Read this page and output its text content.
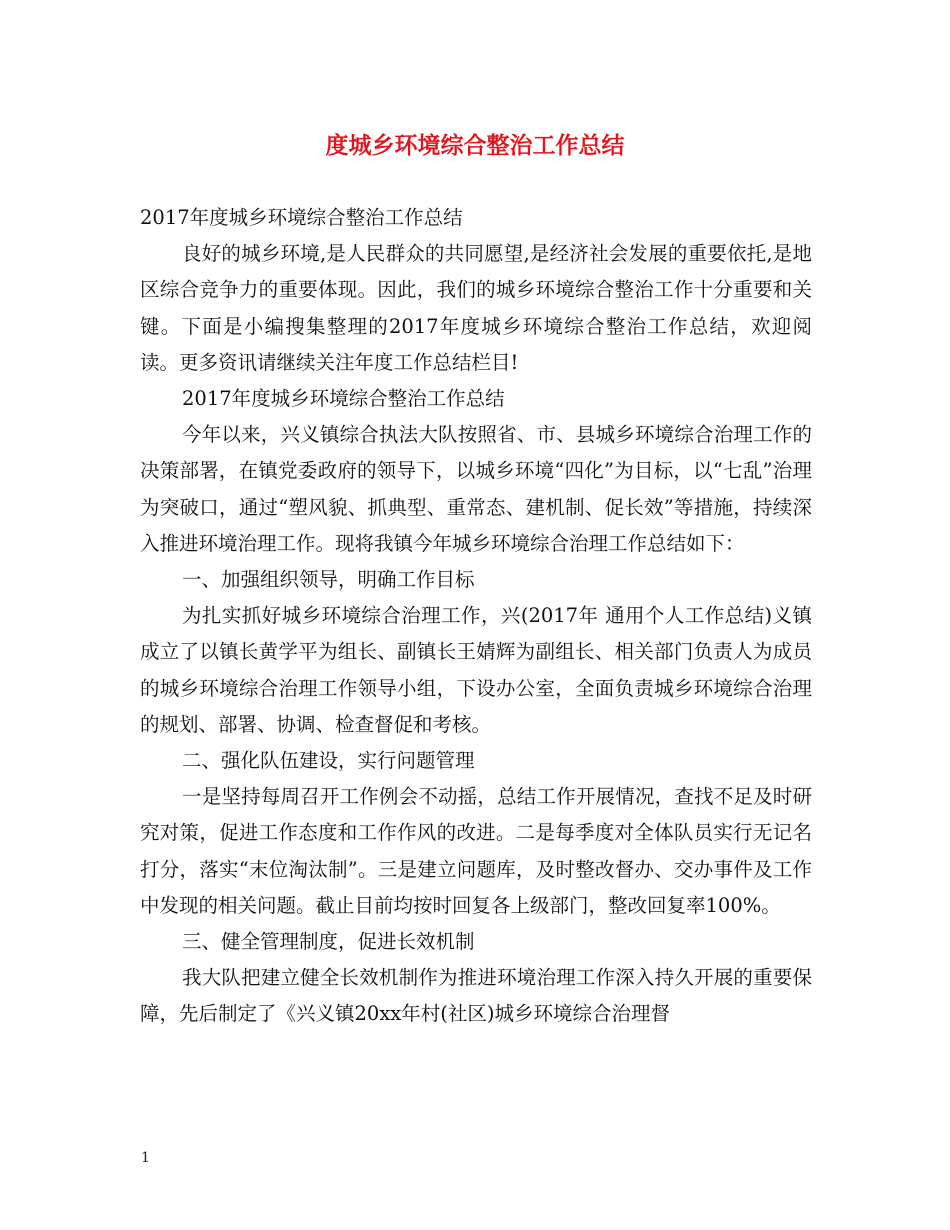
度城乡环境综合整治工作总结

2017年度城乡环境综合整治工作总结

良好的城乡环境,是人民群众的共同愿望,是经济社会发展的重要依托,是地区综合竞争力的重要体现。因此，我们的城乡环境综合整治工作十分重要和关键。下面是小编搜集整理的2017年度城乡环境综合整治工作总结，欢迎阅读。更多资讯请继续关注年度工作总结栏目!

2017年度城乡环境综合整治工作总结

今年以来，兴义镇综合执法大队按照省、市、县城乡环境综合治理工作的决策部署，在镇党委政府的领导下，以城乡环境“四化”为目标，以“七乱”治理为突破口，通过“塑风貌、抓典型、重常态、建机制、促长效”等措施，持续深入推进环境治理工作。现将我镇今年城乡环境综合治理工作总结如下：

一、加强组织领导，明确工作目标

为扎实抓好城乡环境综合治理工作，兴(2017年 通用个人工作总结)义镇成立了以镇长黄学平为组长、副镇长王婧辉为副组长、相关部门负责人为成员的城乡环境综合治理工作领导小组，下设办公室，全面负责城乡环境综合治理的规划、部署、协调、检查督促和考核。

二、强化队伍建设，实行问题管理

一是坚持每周召开工作例会不动摇，总结工作开展情况，查找不足及时研究对策，促进工作态度和工作作风的改进。二是每季度对全体队员实行无记名打分，落实“末位淘汰制”。三是建立问题库，及时整改督办、交办事件及工作中发现的相关问题。截止目前均按时回复各上级部门，整改回复率100%。

三、健全管理制度，促进长效机制

我大队把建立健全长效机制作为推进环境治理工作深入持久开展的重要保障，先后制定了《兴义镇20xx年村(社区)城乡环境综合治理督

1
